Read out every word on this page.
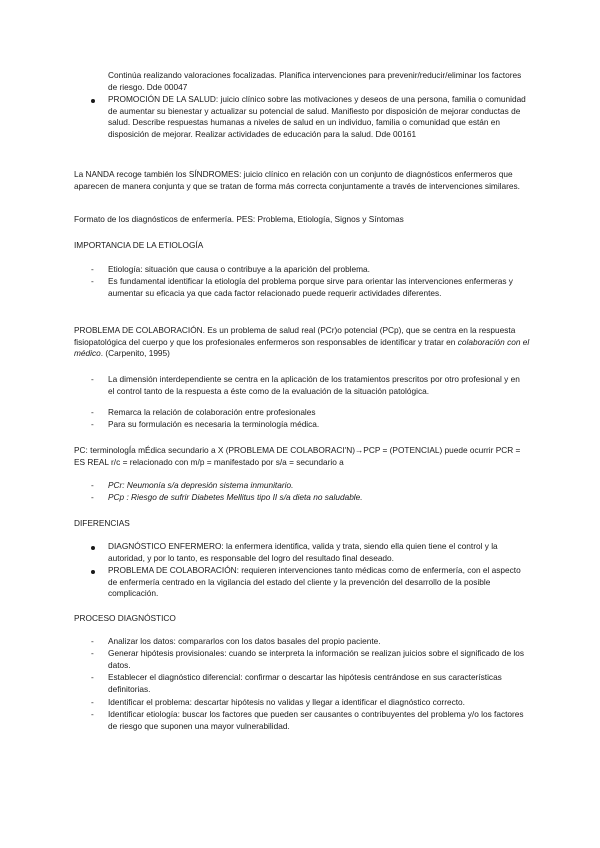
Continúa realizando valoraciones focalizadas. Planifica intervenciones para prevenir/reducir/eliminar los factores de riesgo. Dde 00047

PROMOCIÓN DE LA SALUD: juicio clínico sobre las motivaciones y deseos de una persona, familia o comunidad de aumentar su bienestar y actualizar su potencial de salud. Manifiesto por disposición de mejorar conductas de salud. Describe respuestas humanas a niveles de salud en un individuo, familia o comunidad que están en disposición de mejorar. Realizar actividades de educación para la salud. Dde 00161

La NANDA recoge también los SÍNDROMES: juicio clínico en relación con un conjunto de diagnósticos enfermeros que aparecen de manera conjunta y que se tratan de forma más correcta conjuntamente a través de intervenciones similares.

Formato de los diagnósticos de enfermería. PES: Problema, Etiología, Signos y Síntomas

IMPORTANCIA DE LA ETIOLOGÍA

-	Etiología: situación que causa o contribuye a la aparición del problema.

-	Es fundamental identificar la etiología del problema porque sirve para orientar las intervenciones enfermeras y aumentar su eficacia ya que cada factor relacionado puede requerir actividades diferentes.

PROBLEMA DE COLABORACIÓN. Es un problema de salud real (PCr)o potencial (PCp), que se centra en la respuesta fisiopatológica del cuerpo y que los profesionales enfermeros son responsables de identificar y tratar en colaboración con el médico. (Carpenito, 1995)

-	La dimensión interdependiente se centra en la aplicación de los tratamientos prescritos por otro profesional y en el control tanto de la respuesta a éste como de la evaluación de la situación patológica.

-	Remarca la relación de colaboración entre profesionales

-	Para su formulación es necesaria la terminología médica.

PC: terminologÍa mÉdica secundario a X (PROBLEMA DE COLABORACI'N)→PCP = (POTENCIAL) puede ocurrir PCR = ES REAL r/c = relacionado con m/p = manifestado por s/a = secundario a

-	PCr: Neumonía s/a depresión sistema inmunitario.

-	PCp : Riesgo de sufrir Diabetes Mellitus tipo II s/a dieta no saludable.

DIFERENCIAS

DIAGNÓSTICO ENFERMERO: la enfermera identifica, valida y trata, siendo ella quien tiene el control y la autoridad, y por lo tanto, es responsable del logro del resultado final deseado.

PROBLEMA DE COLABORACIÓN: requieren intervenciones tanto médicas como de enfermería, con el aspecto de enfermería centrado en la vigilancia del estado del cliente y la prevención del desarrollo de la posible complicación.

PROCESO DIAGNÓSTICO

-	Analizar los datos: compararlos con los datos basales del propio paciente.

-	Generar hipótesis provisionales: cuando se interpreta la información se realizan juicios sobre el significado de los datos.

-	Establecer el diagnóstico diferencial: confirmar o descartar las hipótesis centrándose en sus características definitorias.

-	Identificar el problema: descartar hipótesis no validas y llegar a identificar el diagnóstico correcto.

-	Identificar etiología: buscar los factores que pueden ser causantes o contribuyentes del problema y/o los factores de riesgo que suponen una mayor vulnerabilidad.
